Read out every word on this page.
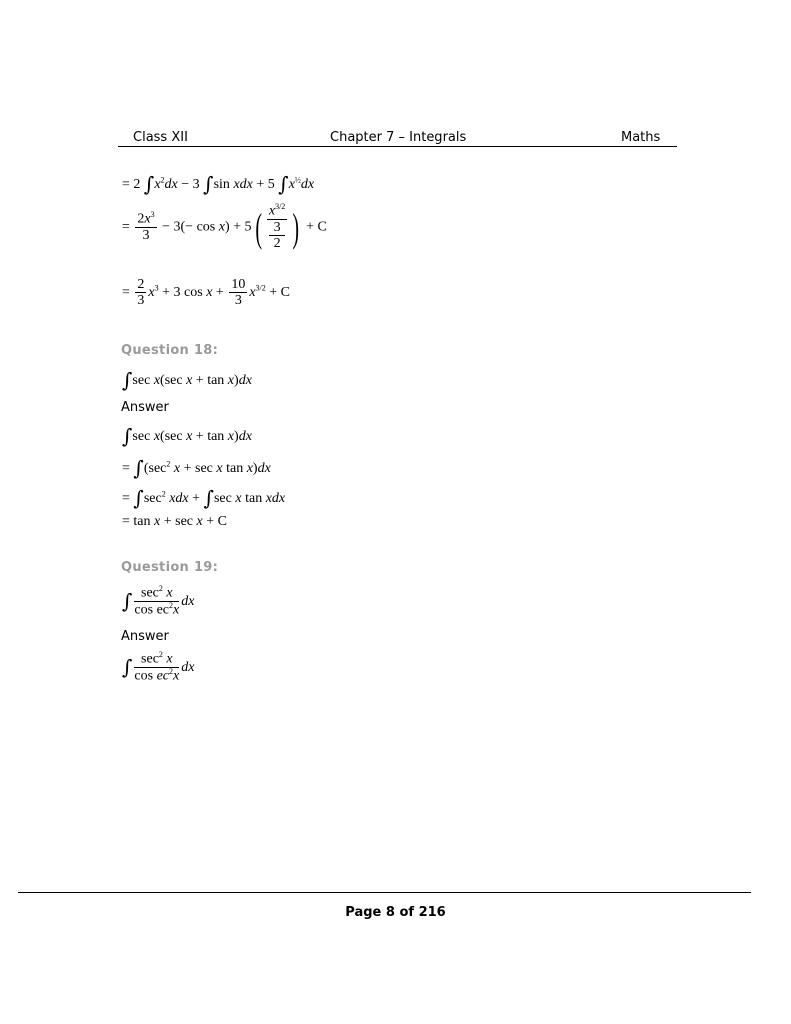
Class XII	Chapter 7 – Integrals	Maths
= 2 $\int x^2dx - 3$ ∫sin xdx + 5 $\int x^{\frac{1}{2}}dx$
= $\frac{2x^3}{3} - 3(- \cos x) + 5$( $x^{3/2}$
3
2 ) + C
= $\frac{2}{3} x^3 + 3$ $\cos x + \frac{10}{3} x^{3/2} + C$
Question 18:
∫sec x(sec x + tan x)dx
Answer
∫sec x(sec x + tan x)dx
= $\int(\sec^2$ x + sec x tan x)dx
= $\int\sec^2$ xdx + ∫sec x tan xdx
= tan x + sec x + C
Question 19:
∫ $\frac{\sec^2 x}{\cos ec^2x}$ dx
Answer
∫ $\frac{\sec^2 x}{\cos ec^2x}$ dx
Page 8 of 216
